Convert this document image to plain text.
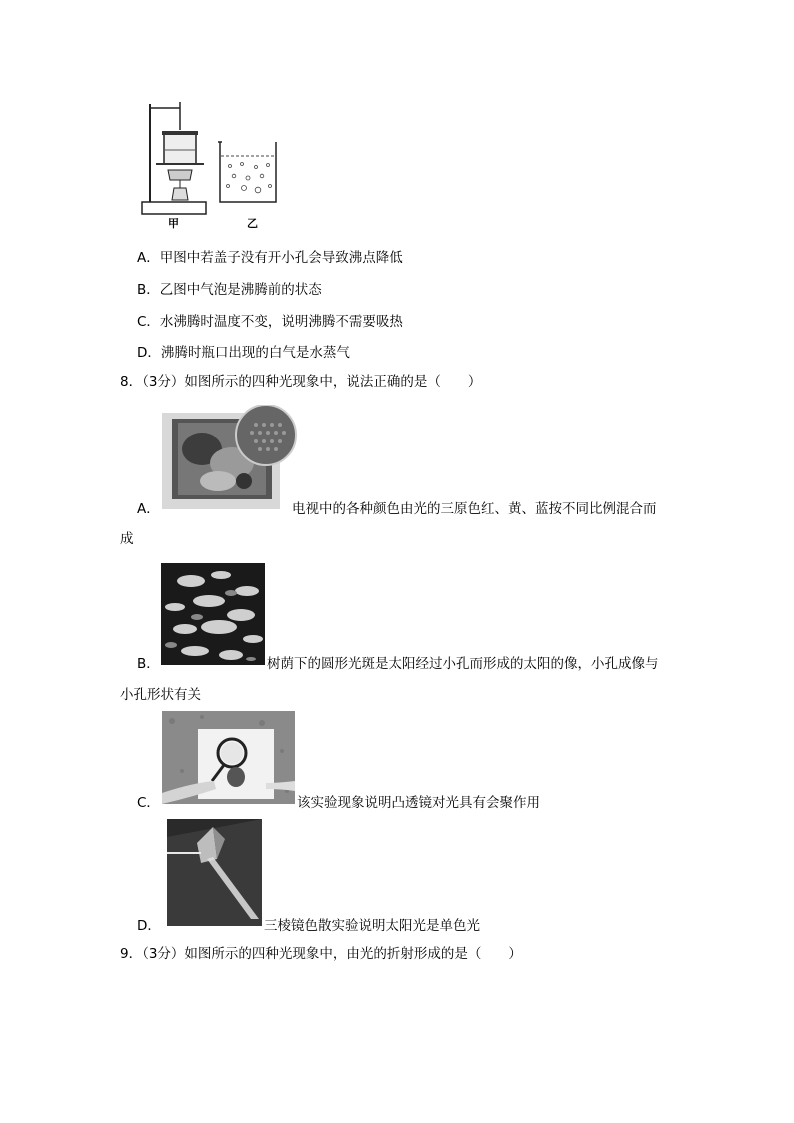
甲	乙
A．甲图中若盖子没有开小孔会导致沸点降低
B．乙图中气泡是沸腾前的状态
C．水沸腾时温度不变，说明沸腾不需要吸热
D．沸腾时瓶口出现的白气是水蒸气
8．（3分）如图所示的四种光现象中，说法正确的是（　　）
A．	电视中的各种颜色由光的三原色红、黄、蓝按不同比例混合而
成
B．	树荫下的圆形光斑是太阳经过小孔而形成的太阳的像，小孔成像与
小孔形状有关
C．	该实验现象说明凸透镜对光具有会聚作用
D．	三棱镜色散实验说明太阳光是单色光
9．（3分）如图所示的四种光现象中，由光的折射形成的是（　　）
